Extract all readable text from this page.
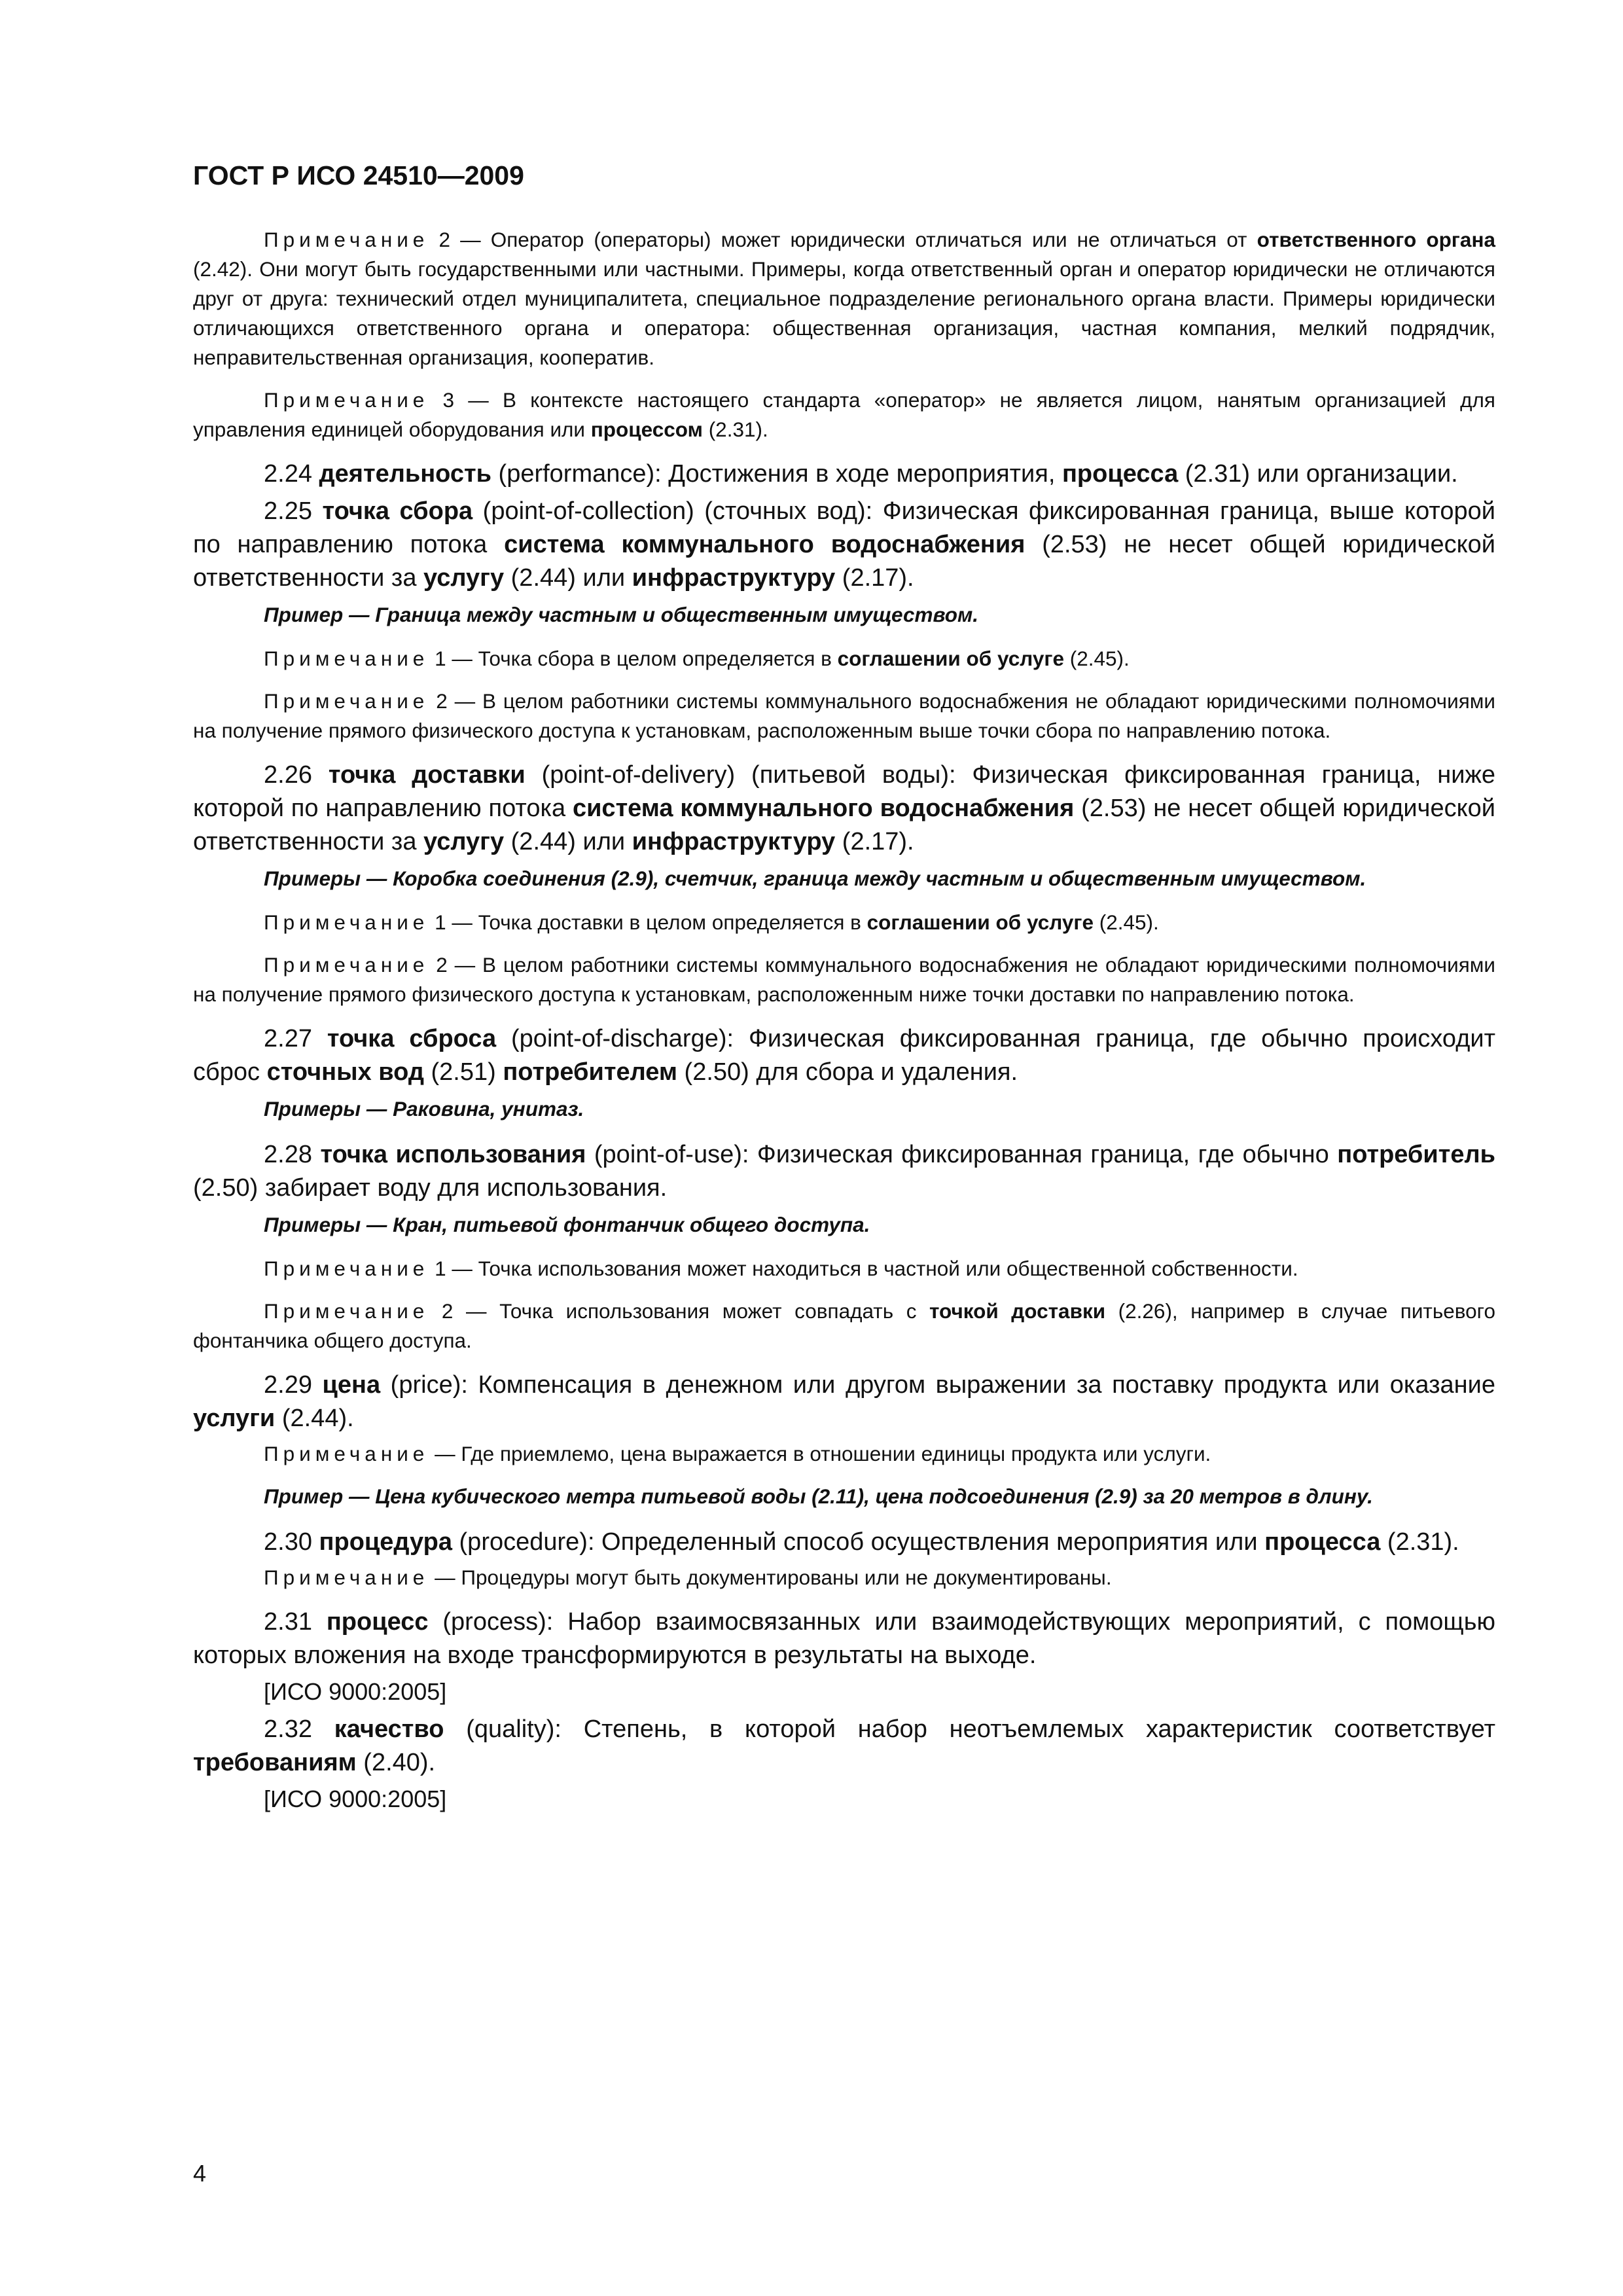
ГОСТ Р ИСО 24510—2009

Примечание 2 — Оператор (операторы) может юридически отличаться или не отличаться от ответственного органа (2.42). Они могут быть государственными или частными. Примеры, когда ответственный орган и оператор юридически не отличаются друг от друга: технический отдел муниципалитета, специальное подразделение регионального органа власти. Примеры юридически отличающихся ответственного органа и оператора: общественная организация, частная компания, мелкий подрядчик, неправительственная организация, кооператив.

Примечание 3 — В контексте настоящего стандарта «оператор» не является лицом, нанятым организацией для управления единицей оборудования или процессом (2.31).

2.24 деятельность (performance): Достижения в ходе мероприятия, процесса (2.31) или организации.

2.25 точка сбора (point-of-collection) (сточных вод): Физическая фиксированная граница, выше которой по направлению потока система коммунального водоснабжения (2.53) не несет общей юридической ответственности за услугу (2.44) или инфраструктуру (2.17).

Пример — Граница между частным и общественным имуществом.

Примечание 1 — Точка сбора в целом определяется в соглашении об услуге (2.45).

Примечание 2 — В целом работники системы коммунального водоснабжения не обладают юридическими полномочиями на получение прямого физического доступа к установкам, расположенным выше точки сбора по направлению потока.

2.26 точка доставки (point-of-delivery) (питьевой воды): Физическая фиксированная граница, ниже которой по направлению потока система коммунального водоснабжения (2.53) не несет общей юридической ответственности за услугу (2.44) или инфраструктуру (2.17).

Примеры — Коробка соединения (2.9), счетчик, граница между частным и общественным имуществом.

Примечание 1 — Точка доставки в целом определяется в соглашении об услуге (2.45).

Примечание 2 — В целом работники системы коммунального водоснабжения не обладают юридическими полномочиями на получение прямого физического доступа к установкам, расположенным ниже точки доставки по направлению потока.

2.27 точка сброса (point-of-discharge): Физическая фиксированная граница, где обычно происходит сброс сточных вод (2.51) потребителем (2.50) для сбора и удаления.

Примеры — Раковина, унитаз.

2.28 точка использования (point-of-use): Физическая фиксированная граница, где обычно потребитель (2.50) забирает воду для использования.

Примеры — Кран, питьевой фонтанчик общего доступа.

Примечание 1 — Точка использования может находиться в частной или общественной собственности.

Примечание 2 — Точка использования может совпадать с точкой доставки (2.26), например в случае питьевого фонтанчика общего доступа.

2.29 цена (price): Компенсация в денежном или другом выражении за поставку продукта или оказание услуги (2.44).

Примечание — Где приемлемо, цена выражается в отношении единицы продукта или услуги.

Пример — Цена кубического метра питьевой воды (2.11), цена подсоединения (2.9) за 20 метров в длину.

2.30 процедура (procedure): Определенный способ осуществления мероприятия или процесса (2.31).

Примечание — Процедуры могут быть документированы или не документированы.

2.31 процесс (process): Набор взаимосвязанных или взаимодействующих мероприятий, с помощью которых вложения на входе трансформируются в результаты на выходе.

[ИСО 9000:2005]

2.32 качество (quality): Степень, в которой набор неотъемлемых характеристик соответствует требованиям (2.40).

[ИСО 9000:2005]

4
